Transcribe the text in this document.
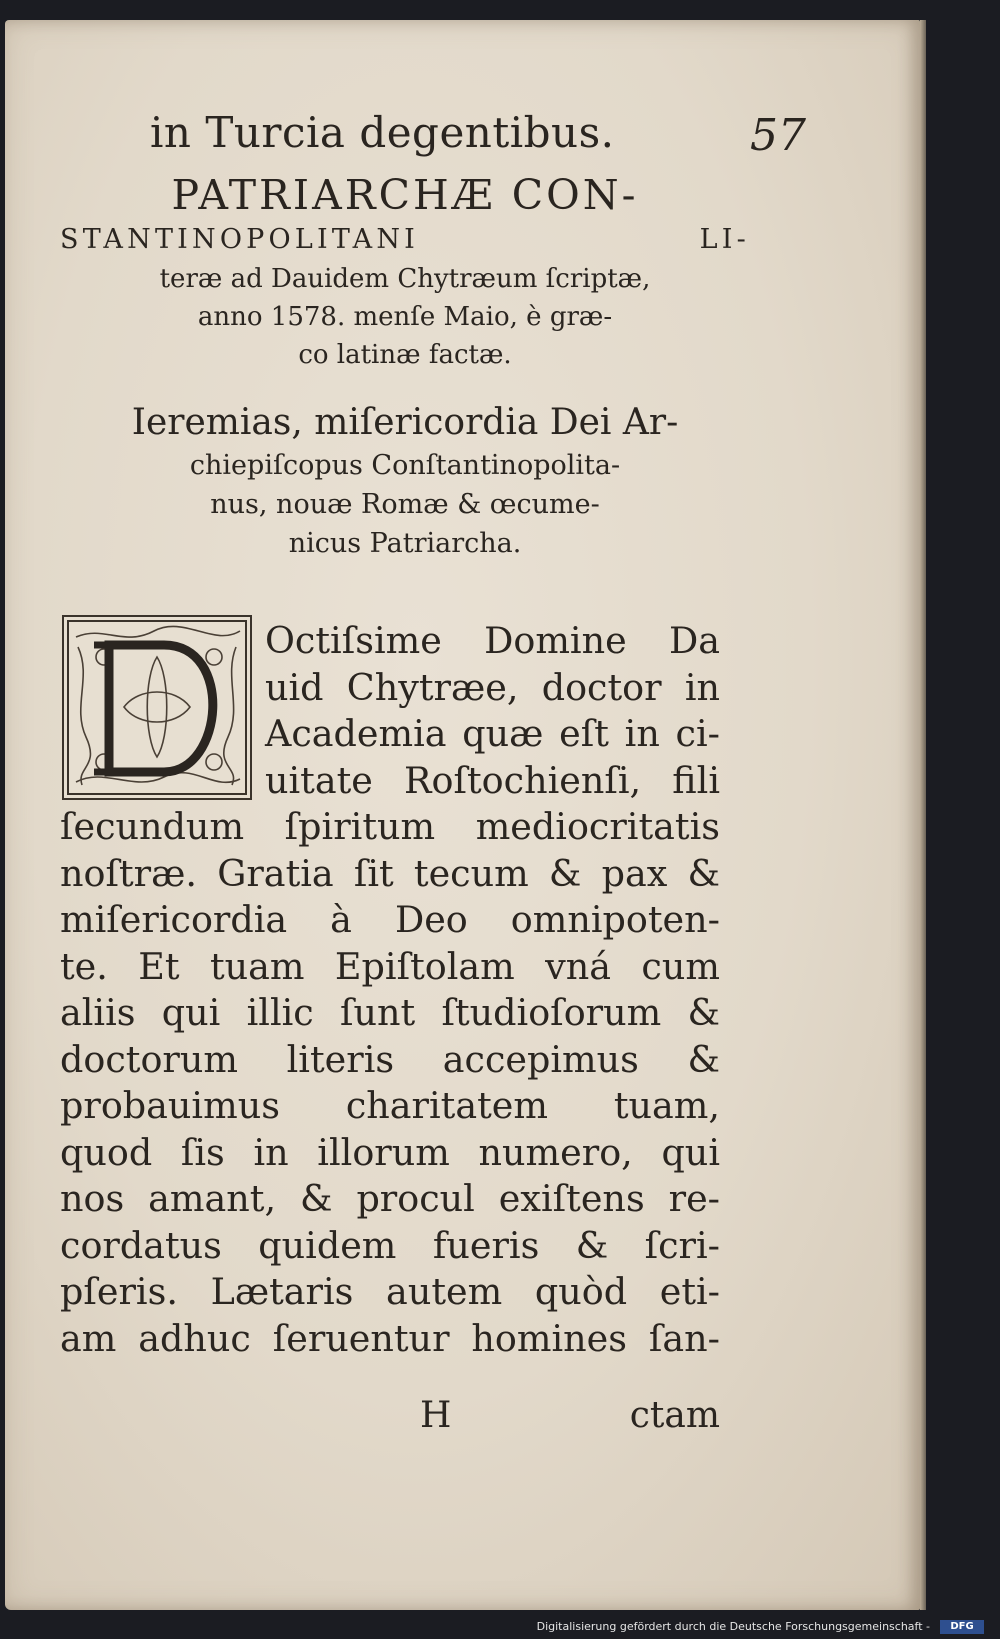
in Turcia degentibus.	57
PATRIARCHÆ CON-
STANTINOPOLITANI LI-
teræ ad Dauidem Chytræum ſcriptæ,
anno 1578. menſe Maio, è græ-
co latinæ factæ.
Ieremias, miſericordia Dei Ar-
chiepiſcopus Conſtantinopolita-
nus, nouæ Romæ & œcume-
nicus Patriarcha.
Octiſsime Domine Da
uid Chytræe, doctor in
Academia quæ eſt in ci-
uitate Roſtochienſi, fili
ſecundum ſpiritum mediocritatis
noſtræ. Gratia ſit tecum & pax &
miſericordia à Deo omnipoten-
te. Et tuam Epiſtolam vná cum
aliis qui illic ſunt ſtudioſorum &
doctorum literis accepimus &
probauimus charitatem tuam,
quod ſis in illorum numero, qui
nos amant, & procul exiſtens re-
cordatus quidem fueris & ſcri-
pſeris. Lætaris autem quòd eti-
am adhuc ſeruentur homines ſan-
H	ctam
Digitalisierung gefördert durch die Deutsche Forschungsgemeinschaft -	DFG
